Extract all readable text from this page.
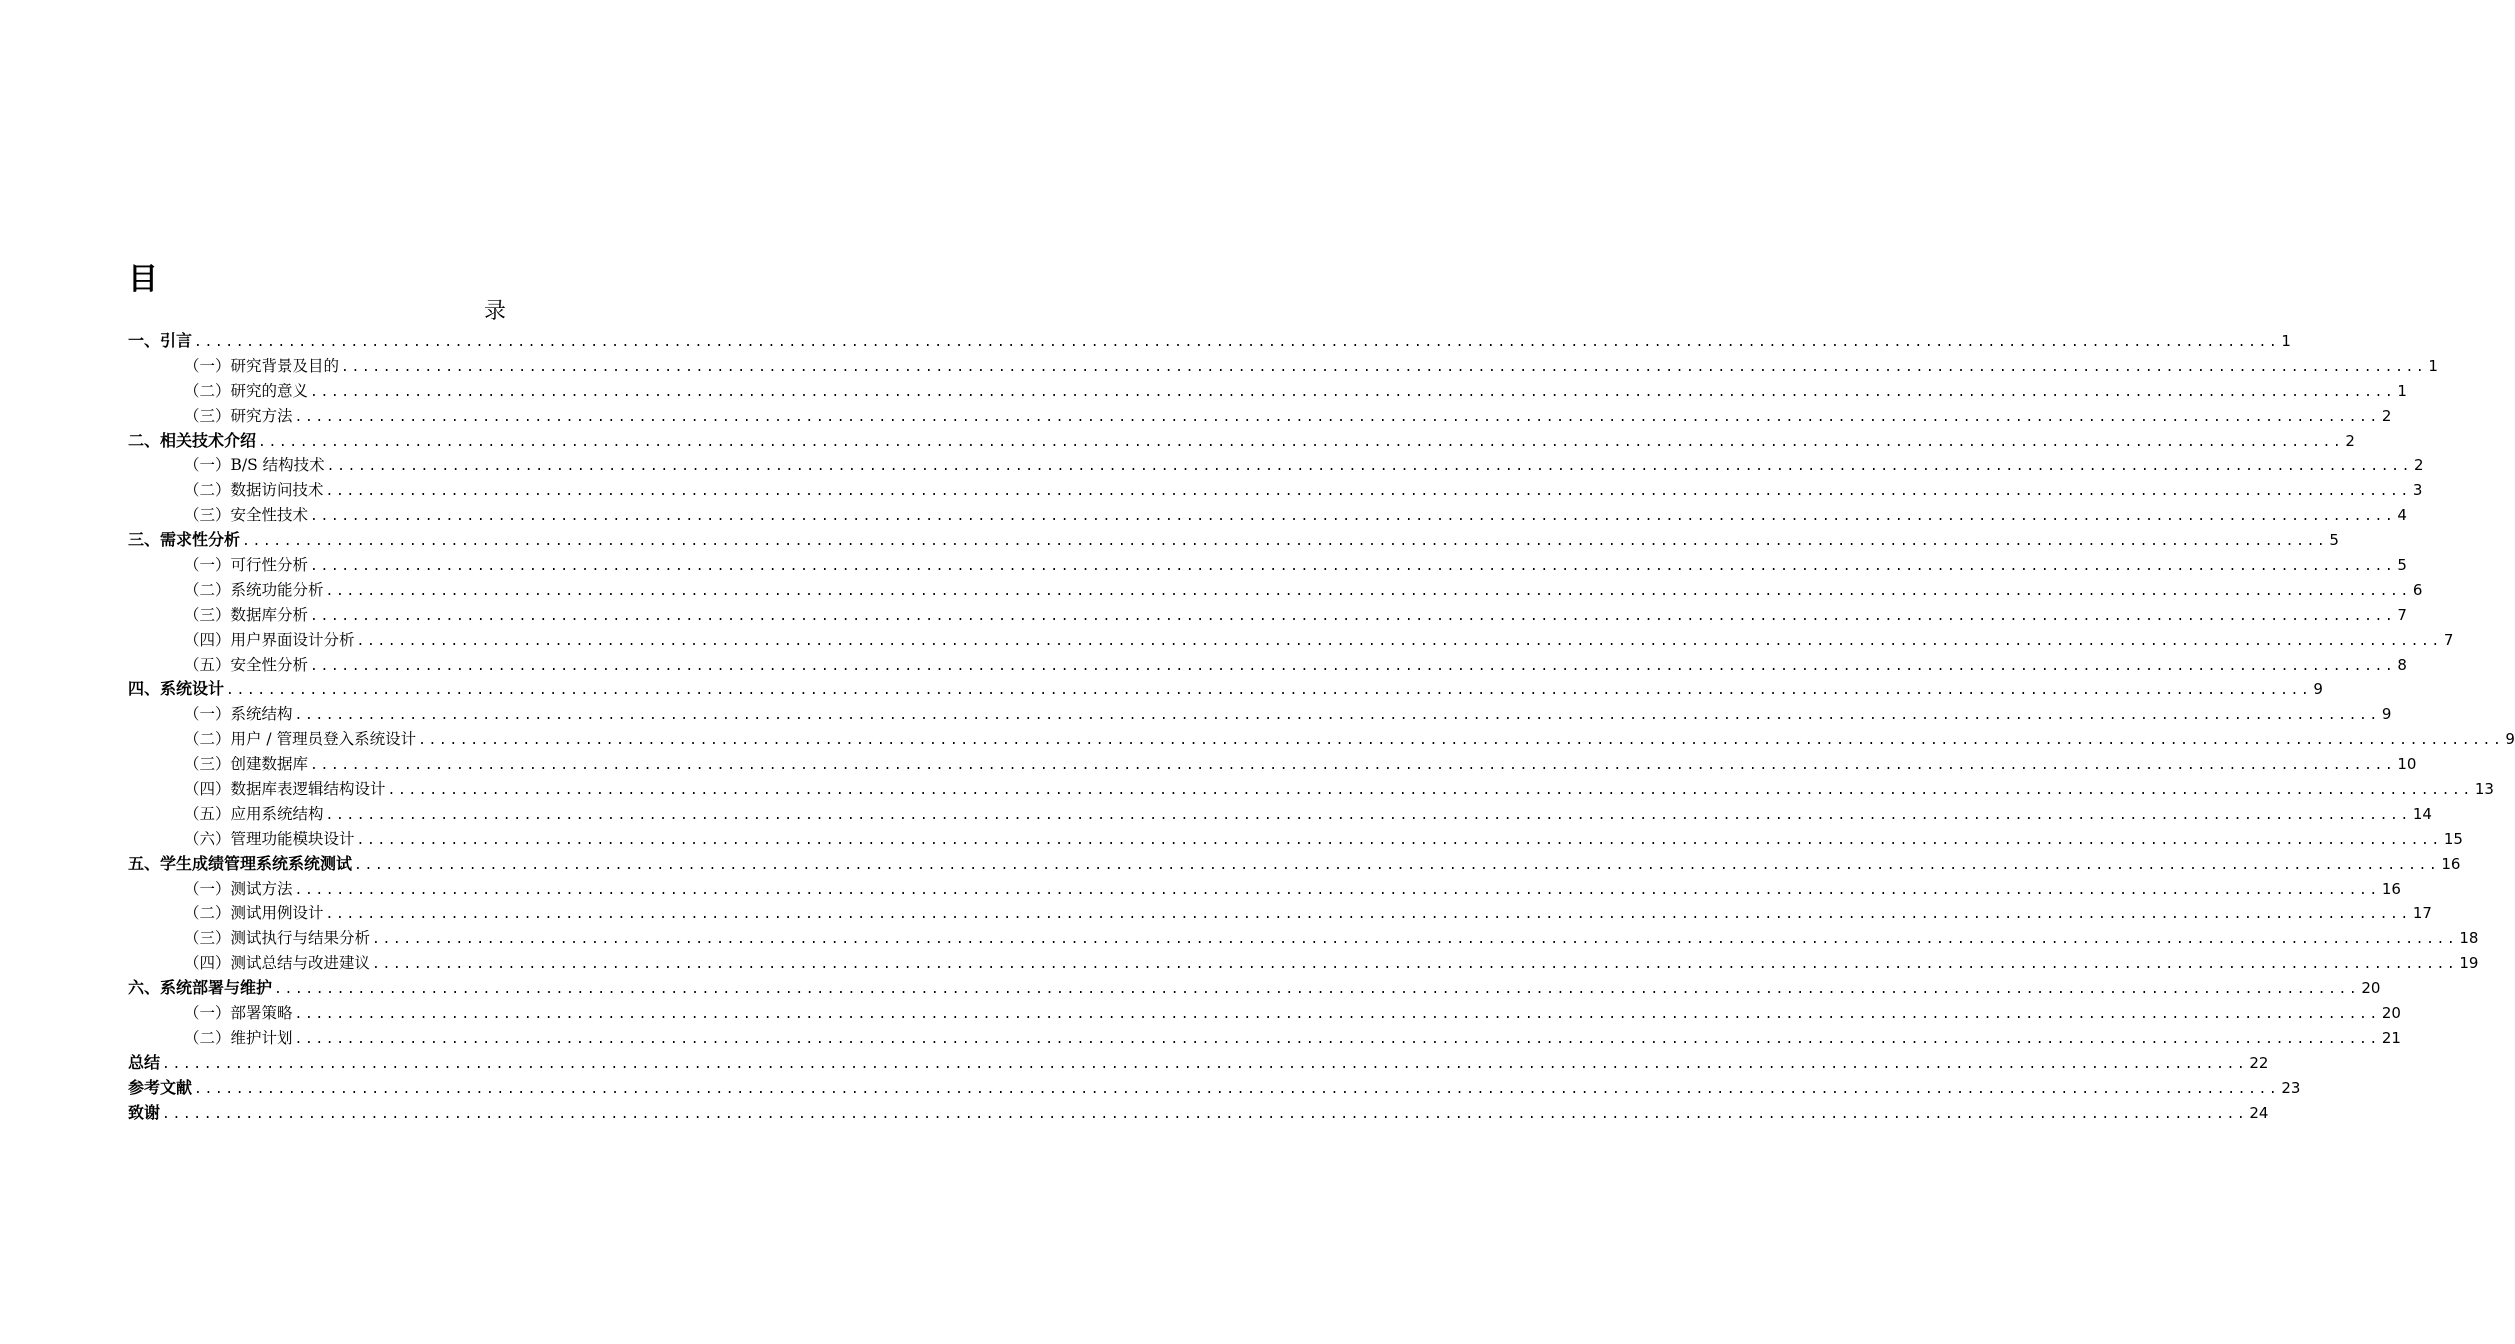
目
录
一、引言 ........................................................................................................................................................................................................ 1
（一）研究背景及目的 ........................................................................................................................................................................................................ 1
（二）研究的意义 ........................................................................................................................................................................................................ 1
（三）研究方法 ........................................................................................................................................................................................................ 2
二、相关技术介绍 ........................................................................................................................................................................................................ 2
（一）B/S 结构技术 ........................................................................................................................................................................................................ 2
（二）数据访问技术 ........................................................................................................................................................................................................ 3
（三）安全性技术 ........................................................................................................................................................................................................ 4
三、需求性分析 ........................................................................................................................................................................................................ 5
（一）可行性分析 ........................................................................................................................................................................................................ 5
（二）系统功能分析 ........................................................................................................................................................................................................ 6
（三）数据库分析 ........................................................................................................................................................................................................ 7
（四）用户界面设计分析 ........................................................................................................................................................................................................ 7
（五）安全性分析 ........................................................................................................................................................................................................ 8
四、系统设计 ........................................................................................................................................................................................................ 9
（一）系统结构 ........................................................................................................................................................................................................ 9
（二）用户 / 管理员登入系统设计 ........................................................................................................................................................................................................ 9
（三）创建数据库 ........................................................................................................................................................................................................ 10
（四）数据库表逻辑结构设计 ........................................................................................................................................................................................................ 13
（五）应用系统结构 ........................................................................................................................................................................................................ 14
（六）管理功能模块设计 ........................................................................................................................................................................................................ 15
五、学生成绩管理系统系统测试 ........................................................................................................................................................................................................ 16
（一）测试方法 ........................................................................................................................................................................................................ 16
（二）测试用例设计 ........................................................................................................................................................................................................ 17
（三）测试执行与结果分析 ........................................................................................................................................................................................................ 18
（四）测试总结与改进建议 ........................................................................................................................................................................................................ 19
六、系统部署与维护 ........................................................................................................................................................................................................ 20
（一）部署策略 ........................................................................................................................................................................................................ 20
（二）维护计划 ........................................................................................................................................................................................................ 21
总结 ........................................................................................................................................................................................................ 22
参考文献 ........................................................................................................................................................................................................ 23
致谢 ........................................................................................................................................................................................................ 24
